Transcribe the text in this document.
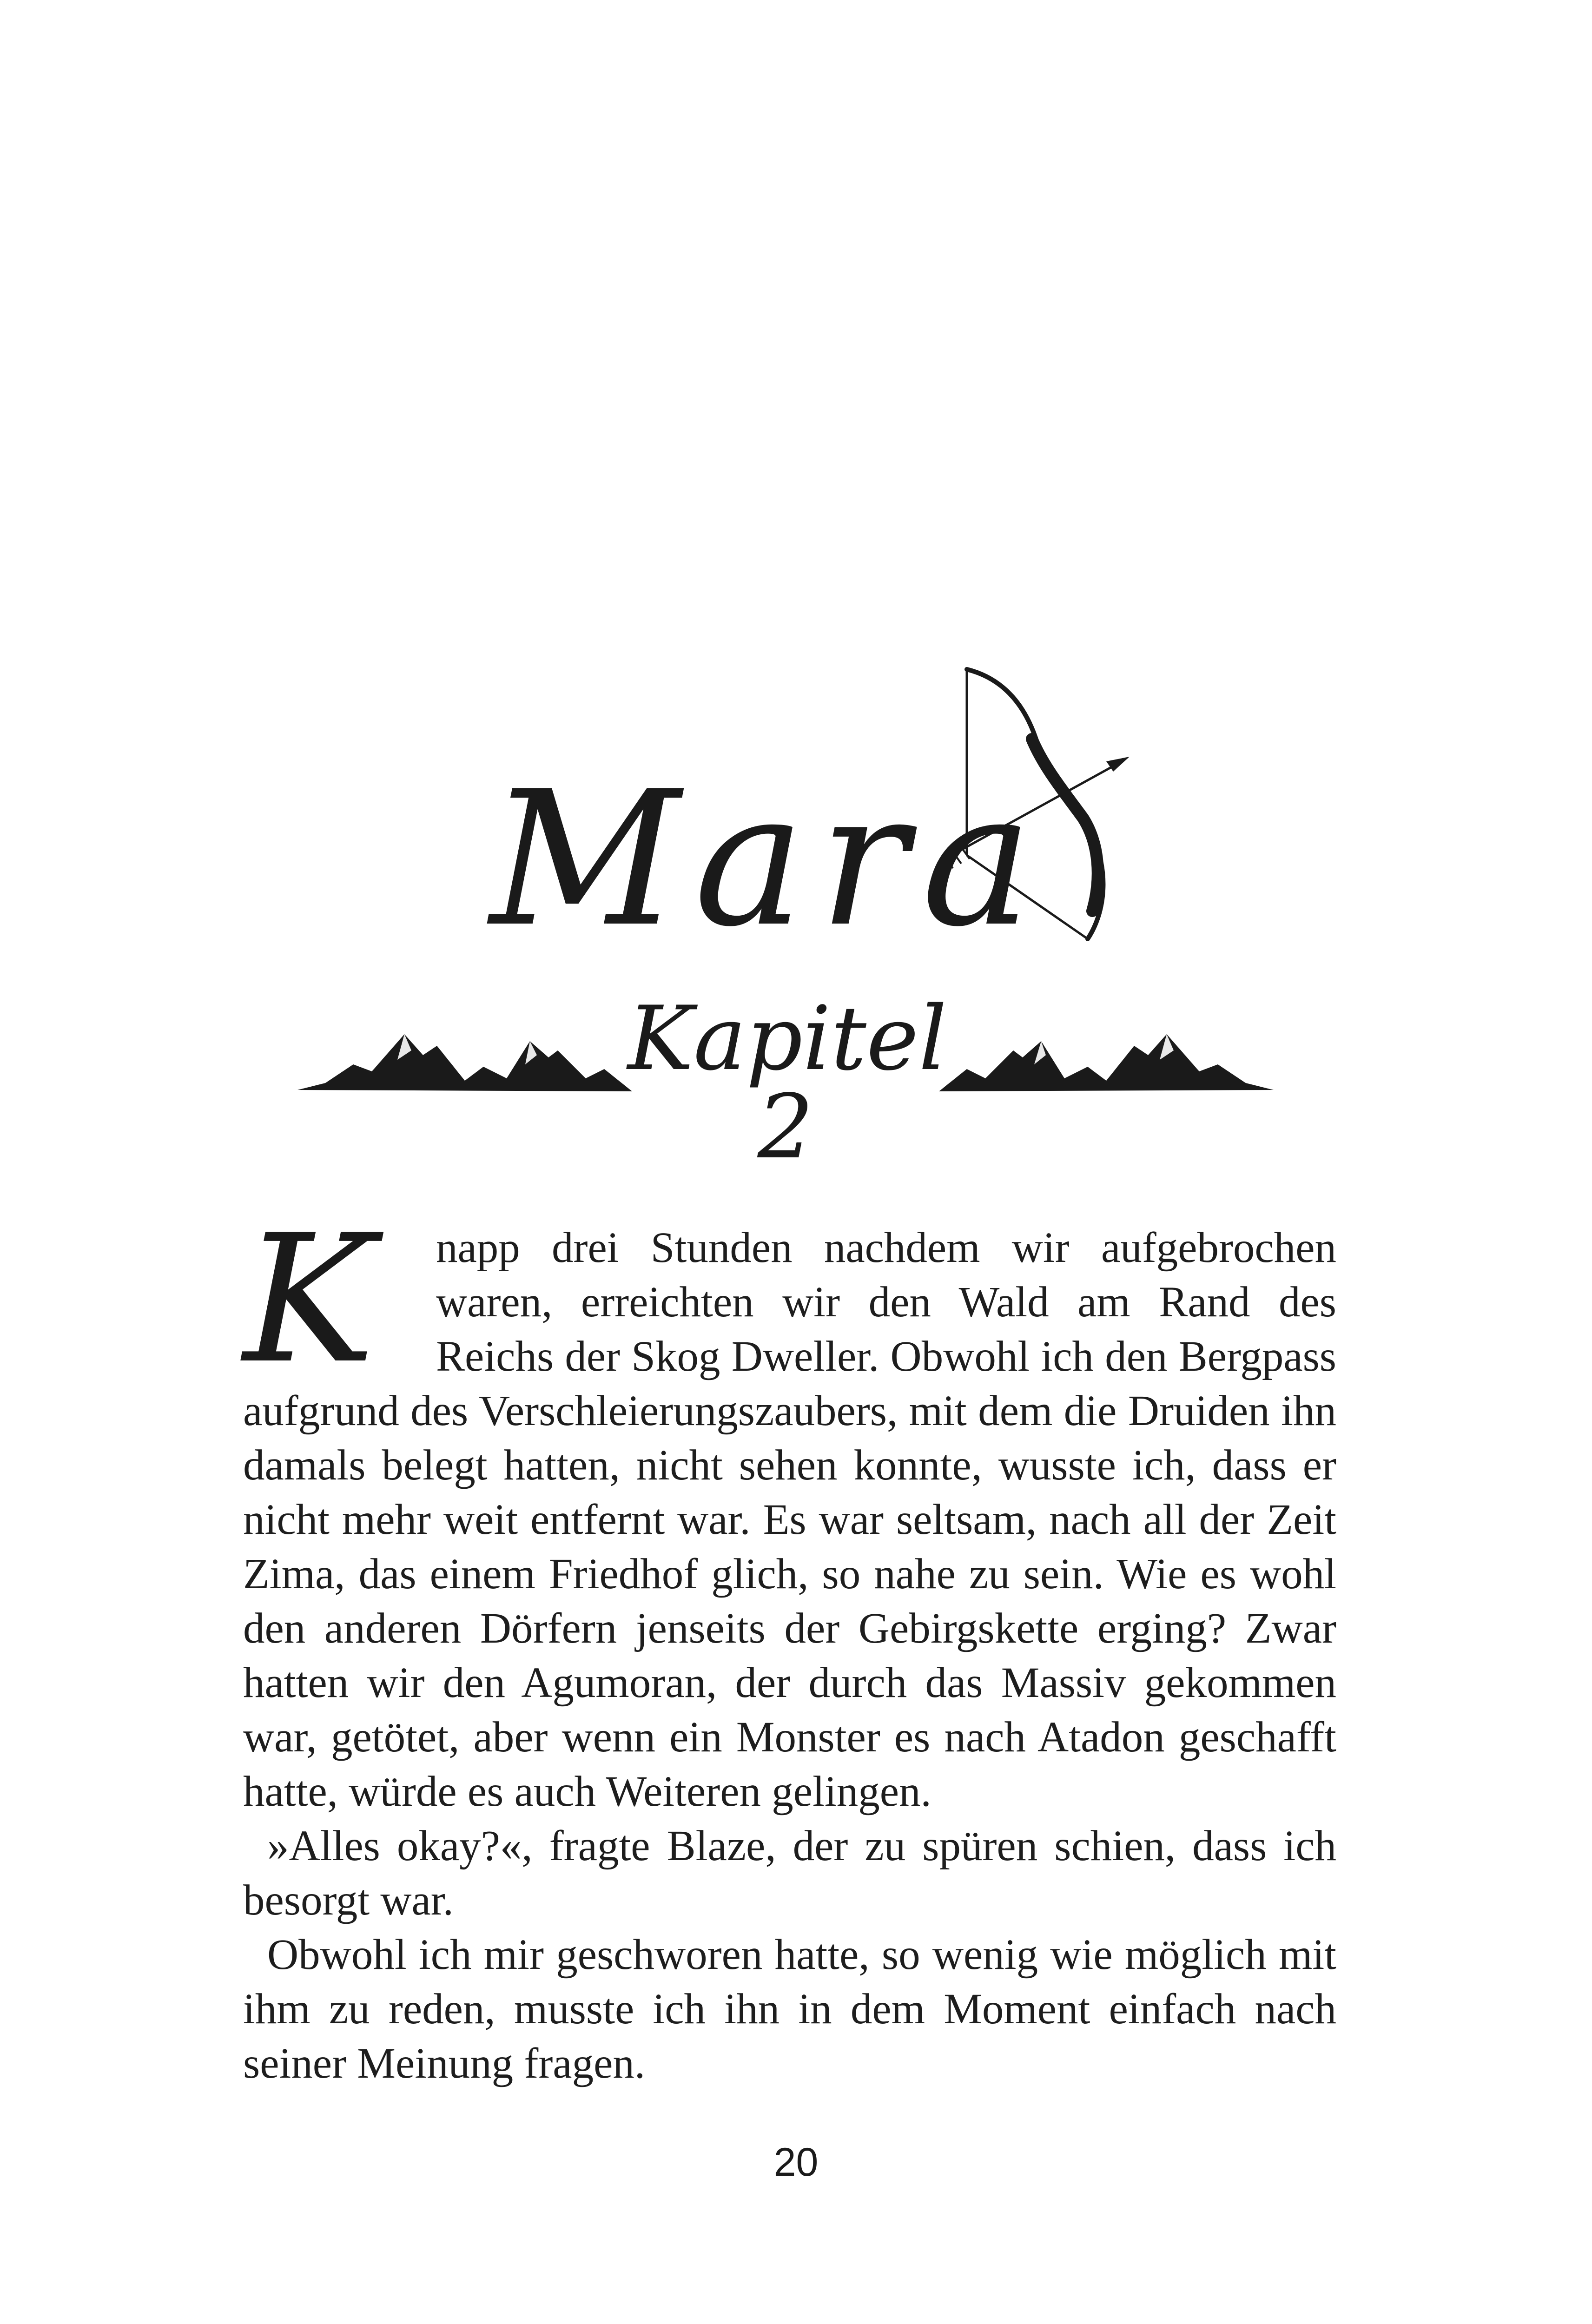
Mara
Kapitel 2

K	napp drei Stunden nachdem wir aufgebrochen waren, erreichten wir den Wald am Rand des Reichs der Skog Dweller. Obwohl ich den Bergpass aufgrund des Verschleierungszaubers, mit dem die Druiden ihn damals belegt hatten, nicht sehen konnte, wusste ich, dass er nicht mehr weit entfernt war. Es war seltsam, nach all der Zeit Zima, das einem Friedhof glich, so nahe zu sein. Wie es wohl den anderen Dörfern jenseits der Gebirgskette erging? Zwar hatten wir den Agumoran, der durch das Massiv gekommen war, getötet, aber wenn ein Monster es nach Atadon geschafft hatte, würde es auch Weiteren gelingen.

»Alles okay?«, fragte Blaze, der zu spüren schien, dass ich besorgt war.

Obwohl ich mir geschworen hatte, so wenig wie möglich mit ihm zu reden, musste ich ihn in dem Moment einfach nach seiner Meinung fragen.

20
